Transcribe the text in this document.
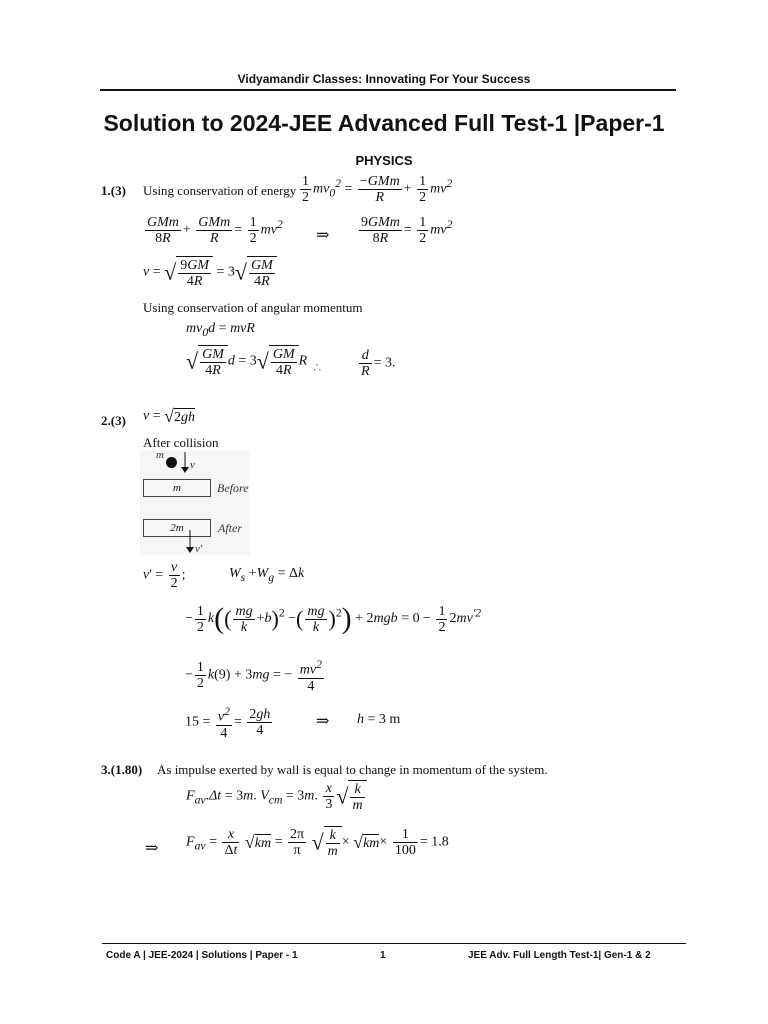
Vidyamandir Classes: Innovating For Your Success
Solution to 2024-JEE Advanced Full Test-1 |Paper-1
PHYSICS
1.(3) Using conservation of energy $\frac{1}{2} mv_0^2 = \frac{\text{−GMm}}{R} + \frac{1}{2} mv^2$
$\frac{\text{GMm}}{8R} + \frac{\text{GMm}}{R} = \frac{1}{2} mv^2$
⇒ $\frac{\text{9GMm}}{8R} = \frac{1}{2} mv^2$
v = √ $\frac{9GM}{4R} = 3√ \frac{GM}{4R}$
Using conservation of angular momentum
$mv_0d$ = mvR
√ $\frac{GM}{4R}$ $d = 3√ \frac{GM}{4R}$ R ∴	$\frac{d}{R} = 3$.
2.(3) v = √2gh
After collision
m
v
m	Before
2m	After
v'
$v' = \frac{v}{2}$ ;	$W_s +W_g = \Delta k$
− $\frac{1}{2} k(( \frac{mg}{k} +b)^2$ −( $\frac{mg}{k} )^2) + 2mgb = 0 - \frac{1}{2} 2mv^{'2}$
− $\frac{1}{2} k(9) + 3mg$ = − $\frac{mv^2}{4}$
$15 = \frac{v^2}{4} = \frac{2gh}{4}$	⇒ h = 3 m
3.(1.80) As impulse exerted by wall is equal to change in momentum of the system.
$F_{av}.\Delta t = 3m$. $V_{cm} = 3m$. $\frac{x}{3}$ √ $\frac{k}{m}$
⇒ $F_{av} = \frac{x}{\Delta t} √km = \frac{2\pi}{\pi}$ √ $\frac{k}{m} \times √km\times \frac{1}{100} = 1.8$
Code A | JEE-2024 | Solutions | Paper - 1	1	JEE Adv. Full Length Test-1| Gen-1 & 2
